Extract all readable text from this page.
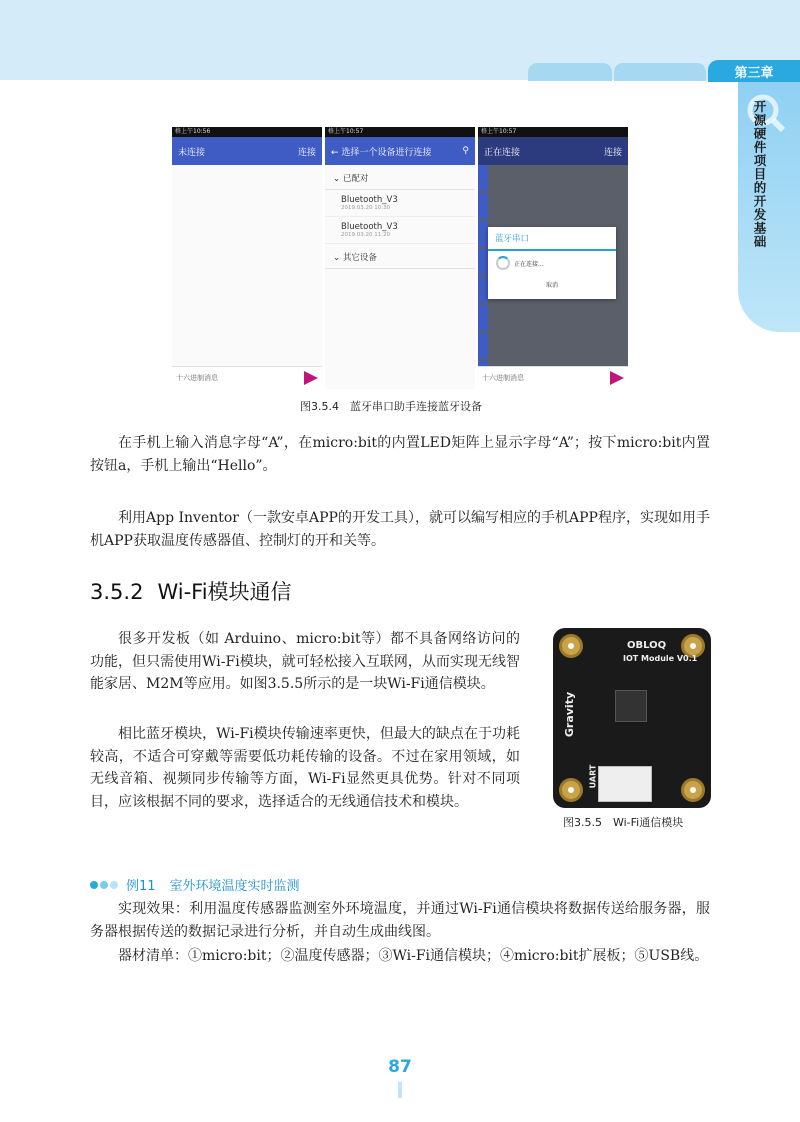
第三章
开源硬件项目的开发基础
格上午10:56
未连接	连接
十六进制消息
格上午10:57
← 选择一个设备进行连接	⚲
⌄ 已配对
Bluetooth_V3
2019.03.20 10:30
Bluetooth_V3
2019.03.20 11:20
⌄ 其它设备
格上午10:57
正在连接	连接
蓝牙串口
正在连接...
取消
十六进制消息
图3.5.4　蓝牙串口助手连接蓝牙设备

在手机上输入消息字母“A”，在micro:bit的内置LED矩阵上显示字母“A”；按下micro:bit内置按钮a，手机上输出“Hello”。

利用App Inventor（一款安卓APP的开发工具），就可以编写相应的手机APP程序，实现如用手机APP获取温度传感器值、控制灯的开和关等。

3.5.2 Wi-Fi模块通信

很多开发板（如 Arduino、micro:bit等）都不具备网络访问的功能，但只需使用Wi-Fi模块，就可轻松接入互联网，从而实现无线智能家居、M2M等应用。如图3.5.5所示的是一块Wi-Fi通信模块。

相比蓝牙模块，Wi-Fi模块传输速率更快，但最大的缺点在于功耗较高，不适合可穿戴等需要低功耗传输的设备。不过在家用领域，如无线音箱、视频同步传输等方面，Wi-Fi显然更具优势。针对不同项目，应该根据不同的要求，选择适合的无线通信技术和模块。

OBLOQ
IOT Module V0.1
Gravity
UART
图3.5.5　Wi-Fi通信模块
例11 室外环境温度实时监测

实现效果：利用温度传感器监测室外环境温度，并通过Wi-Fi通信模块将数据传送给服务器，服务器根据传送的数据记录进行分析，并自动生成曲线图。

器材清单：①micro:bit；②温度传感器；③Wi-Fi通信模块；④micro:bit扩展板；⑤USB线。

87
